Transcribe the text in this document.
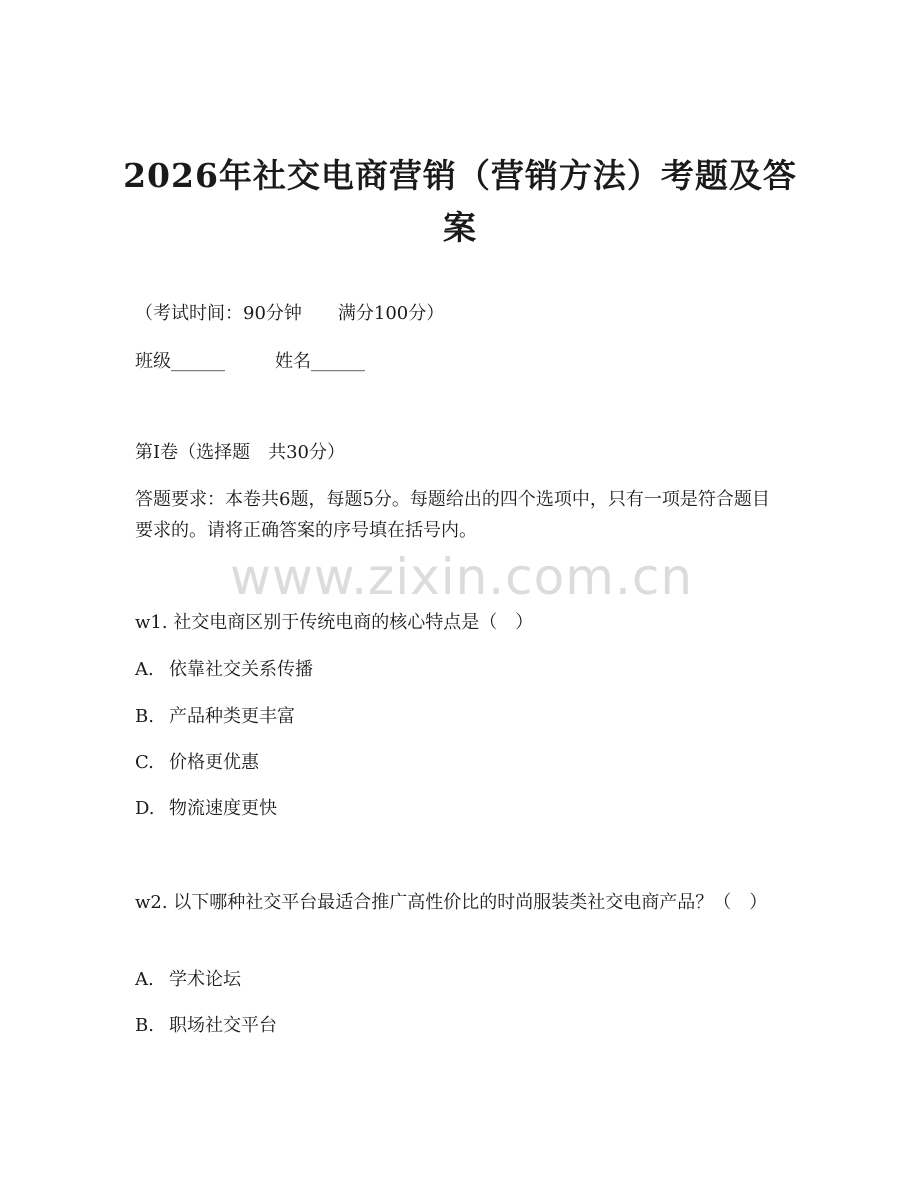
2026年社交电商营销（营销方法）考题及答案
（考试时间：90分钟　　满分100分）
班级______	姓名______
第Ⅰ卷（选择题　共30分）
答题要求：本卷共6题，每题5分。每题给出的四个选项中，只有一项是符合题目要求的。请将正确答案的序号填在括号内。
www.zixin.com.cn
w1. 社交电商区别于传统电商的核心特点是（　）
A. 依靠社交关系传播
B. 产品种类更丰富
C. 价格更优惠
D. 物流速度更快
w2. 以下哪种社交平台最适合推广高性价比的时尚服装类社交电商产品？（　）
A. 学术论坛
B. 职场社交平台
